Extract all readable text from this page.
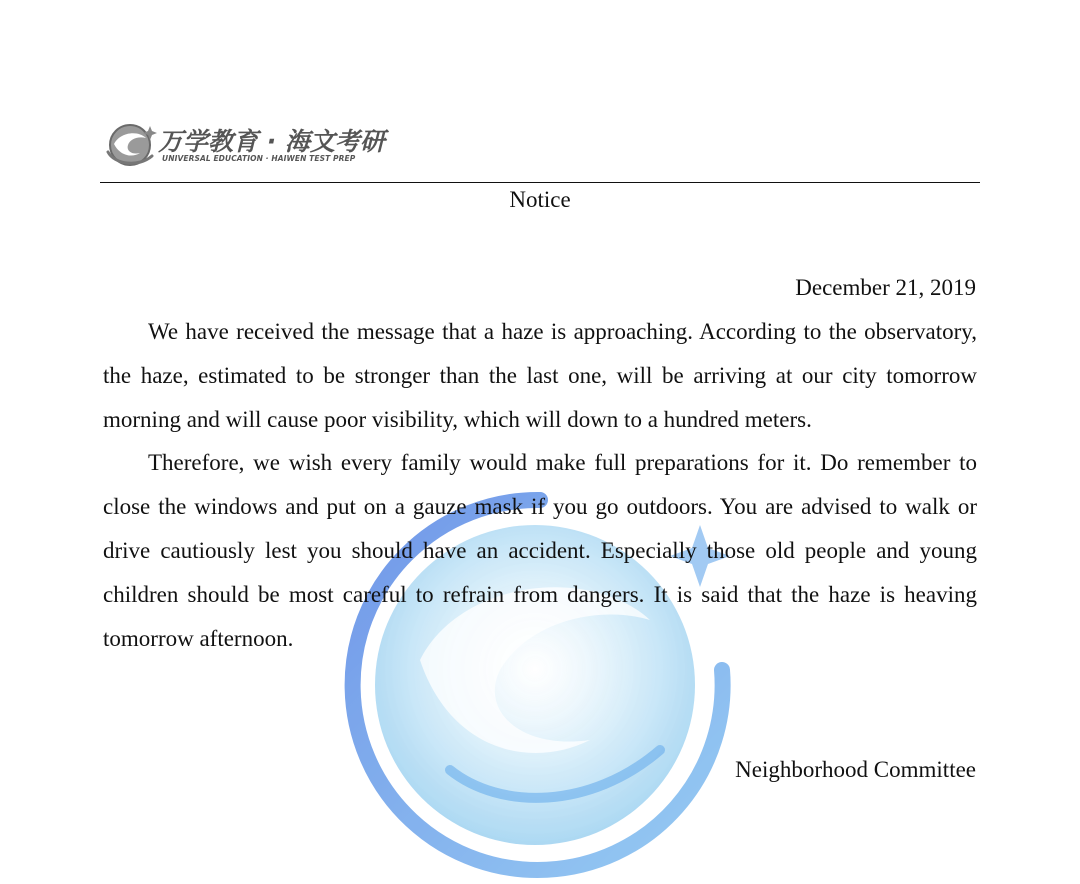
万学教育 · 海文考研
UNIVERSAL EDUCATION · HAIWEN TEST PREP
Notice
December 21, 2019

We have received the message that a haze is approaching. According to the observatory, the haze, estimated to be stronger than the last one, will be arriving at our city tomorrow morning and will cause poor visibility, which will down to a hundred meters.

Therefore, we wish every family would make full preparations for it. Do remember to close the windows and put on a gauze mask if you go outdoors. You are advised to walk or drive cautiously lest you should have an accident. Especially those old people and young children should be most careful to refrain from dangers. It is said that the haze is heaving tomorrow afternoon.

Neighborhood Committee
